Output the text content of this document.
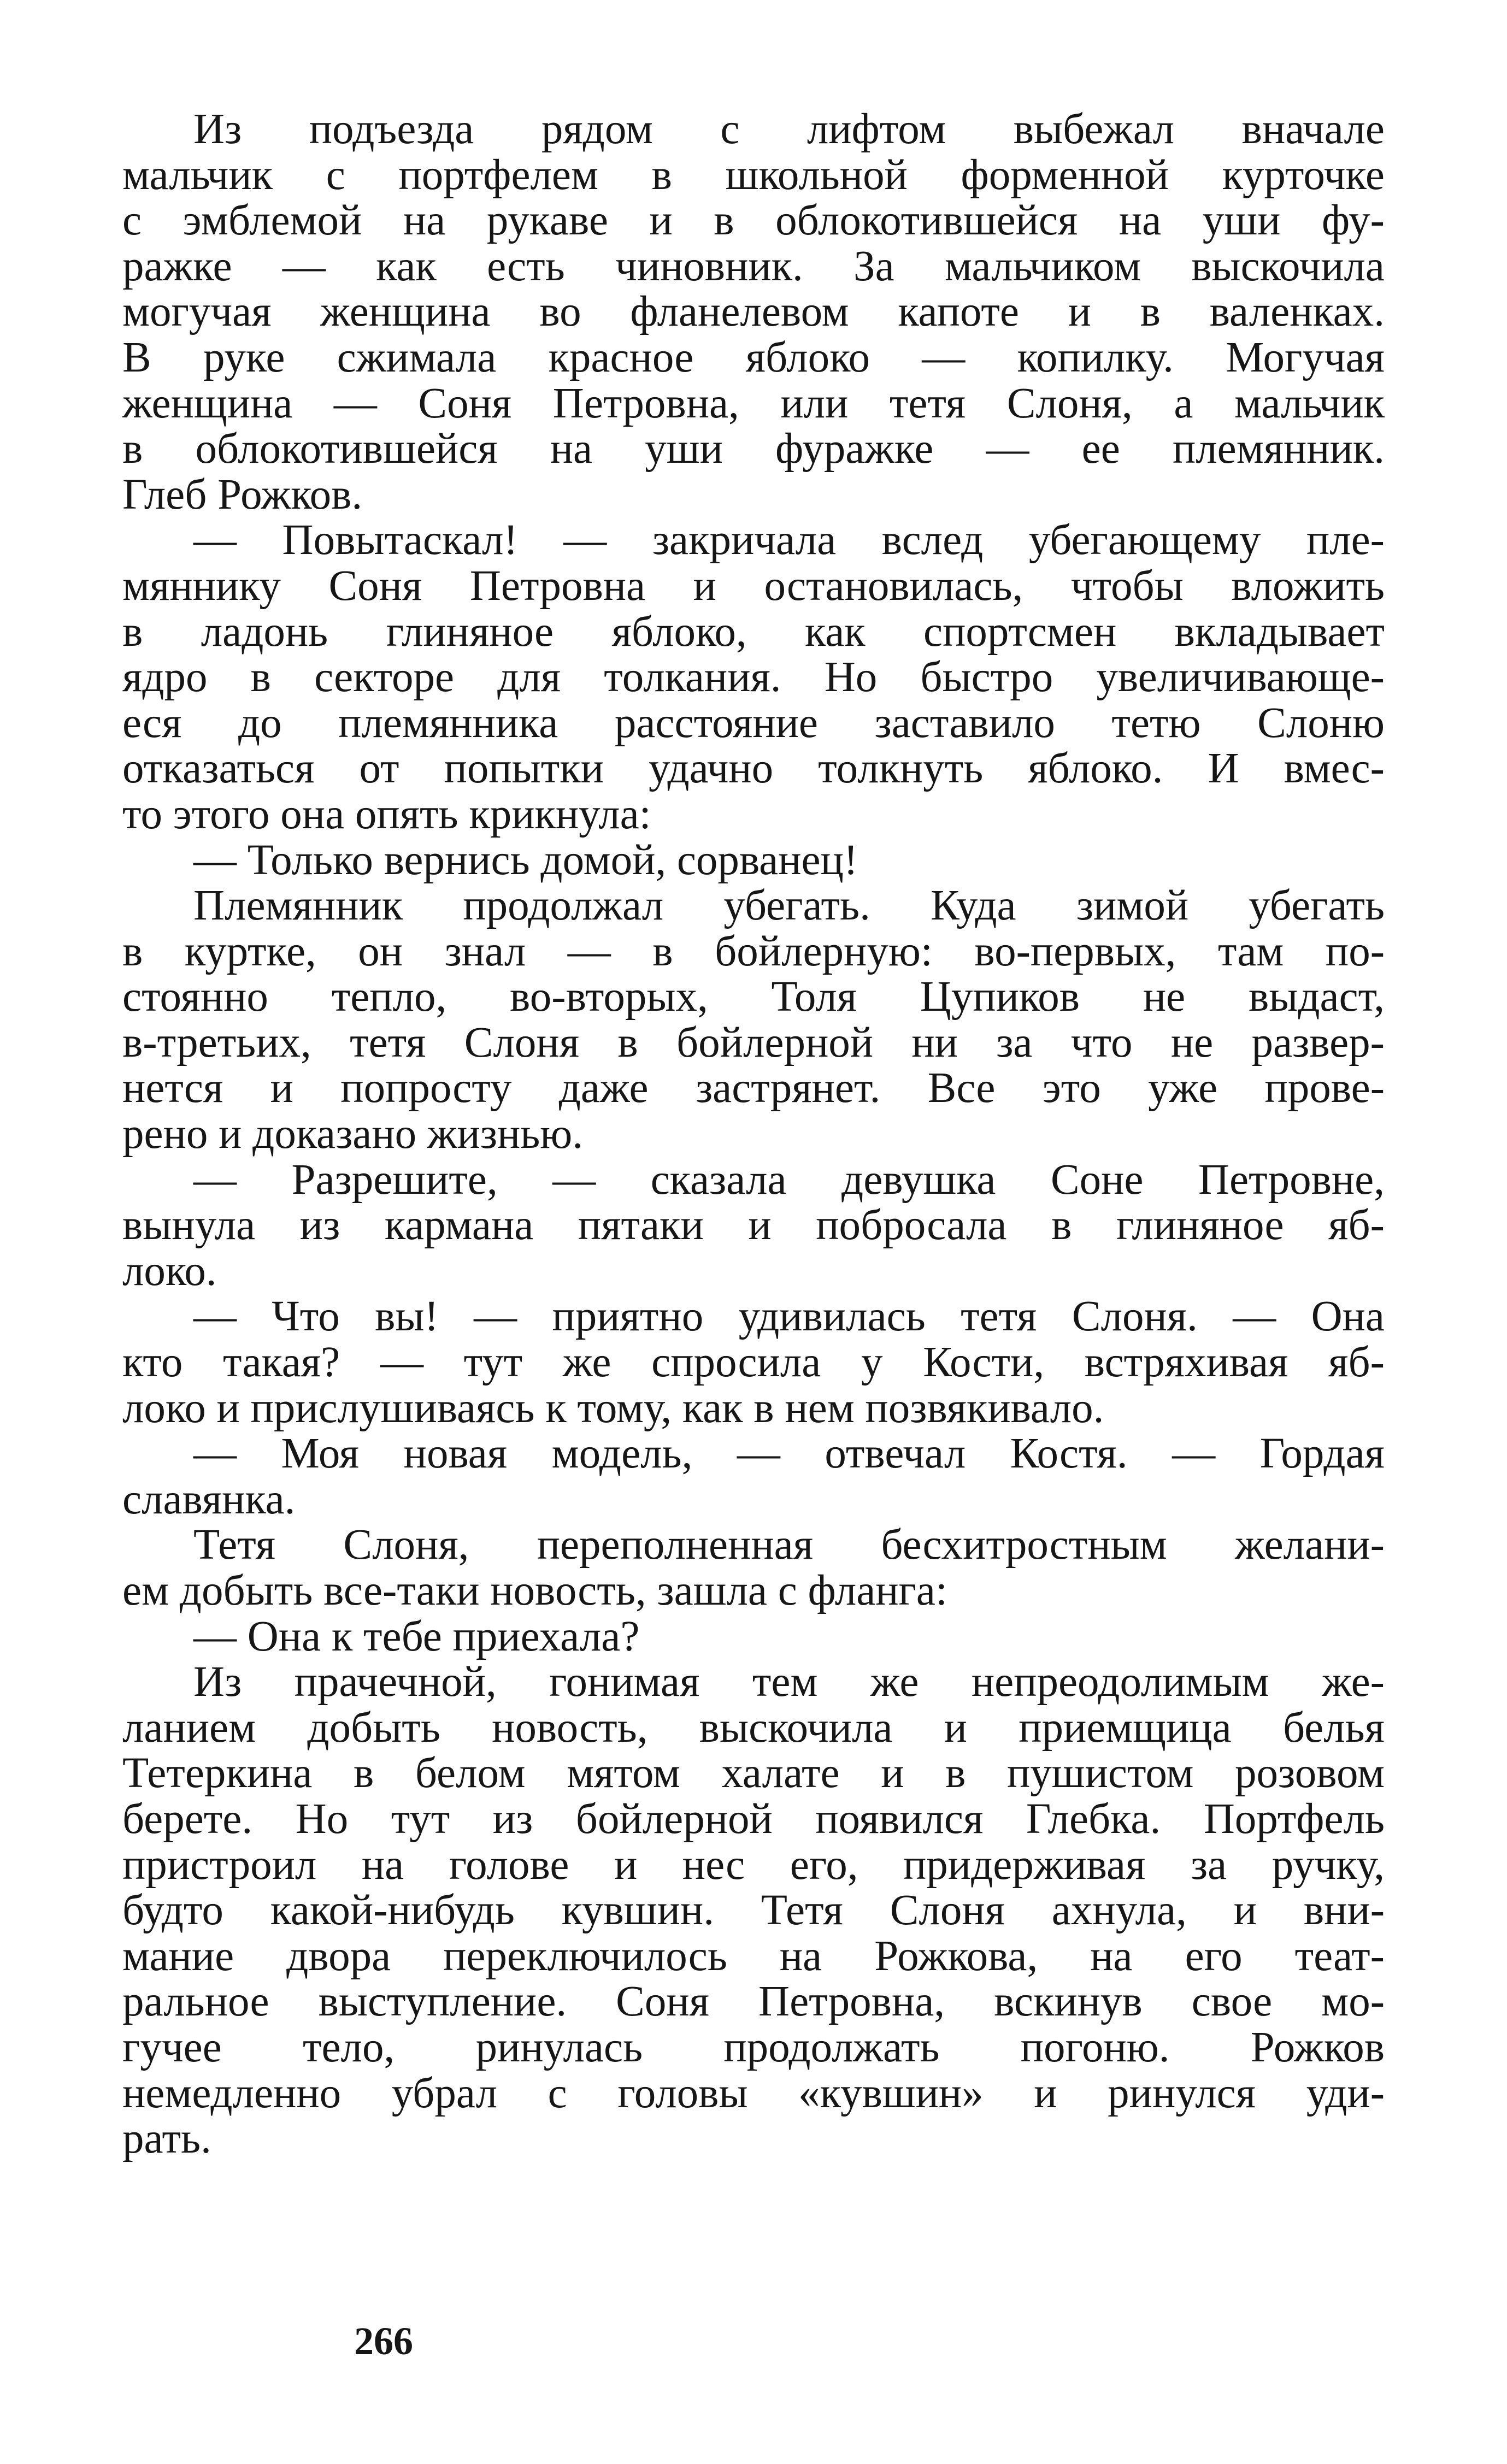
Из подъезда рядом с лифтом выбежал вначале
мальчик с портфелем в школьной форменной курточке
с эмблемой на рукаве и в облокотившейся на уши фу-
ражке — как есть чиновник. За мальчиком выскочила
могучая женщина во фланелевом капоте и в валенках.
В руке сжимала красное яблоко — копилку. Могучая
женщина — Соня Петровна, или тетя Слоня, а мальчик
в облокотившейся на уши фуражке — ее племянник.
Глеб Рожков.
— Повытаскал! — закричала вслед убегающему пле-
мяннику Соня Петровна и остановилась, чтобы вложить
в ладонь глиняное яблоко, как спортсмен вкладывает
ядро в секторе для толкания. Но быстро увеличивающе-
еся до племянника расстояние заставило тетю Слоню
отказаться от попытки удачно толкнуть яблоко. И вмес-
то этого она опять крикнула:
— Только вернись домой, сорванец!
Племянник продолжал убегать. Куда зимой убегать
в куртке, он знал — в бойлерную: во-первых, там по-
стоянно тепло, во-вторых, Толя Цупиков не выдаст,
в-третьих, тетя Слоня в бойлерной ни за что не развер-
нется и попросту даже застрянет. Все это уже прове-
рено и доказано жизнью.
— Разрешите, — сказала девушка Соне Петровне,
вынула из кармана пятаки и побросала в глиняное яб-
локо.
— Что вы! — приятно удивилась тетя Слоня. — Она
кто такая? — тут же спросила у Кости, встряхивая яб-
локо и прислушиваясь к тому, как в нем позвякивало.
— Моя новая модель, — отвечал Костя. — Гордая
славянка.
Тетя Слоня, переполненная бесхитростным желани-
ем добыть все-таки новость, зашла с фланга:
— Она к тебе приехала?
Из прачечной, гонимая тем же непреодолимым же-
ланием добыть новость, выскочила и приемщица белья
Тетеркина в белом мятом халате и в пушистом розовом
берете. Но тут из бойлерной появился Глебка. Портфель
пристроил на голове и нес его, придерживая за ручку,
будто какой-нибудь кувшин. Тетя Слоня ахнула, и вни-
мание двора переключилось на Рожкова, на его теат-
ральное выступление. Соня Петровна, вскинув свое мо-
гучее тело, ринулась продолжать погоню. Рожков
немедленно убрал с головы «кувшин» и ринулся уди-
рать.
266
